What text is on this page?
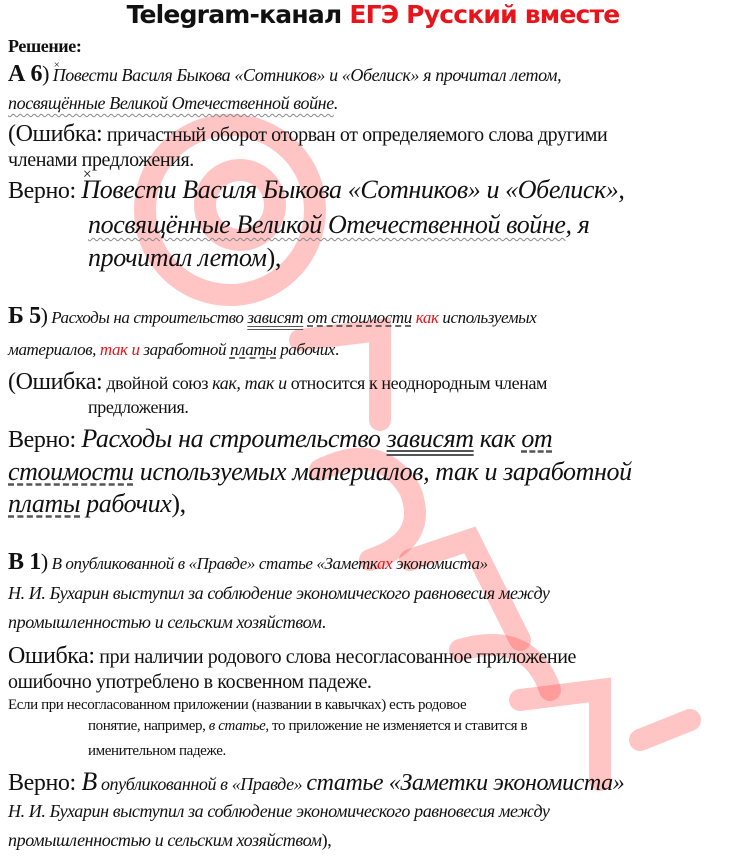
Telegram-канал ЕГЭ Русский вместе
Решение:
А 6) × Повести Василя Быкова «Сотников» и «Обелиск» я прочитал летом,
посвящённые Великой Отечественной войне.
(Ошибка: причастный оборот оторван от определяемого слова другими
членами предложения.
Верно: × Повести Василя Быкова «Сотников» и «Обелиск»,
посвящённые Великой Отечественной войне, я
прочитал летом),
Б 5) Расходы на строительство зависят от стоимости как используемых
материалов, так и заработной платы рабочих.
(Ошибка: двойной союз как, так и относится к неоднородным членам
предложения.
Верно: Расходы на строительство зависят как от
стоимости используемых материалов, так и заработной
платы рабочих),
В 1) В опубликованной в «Правде» статье «Заметках экономиста»
Н. И. Бухарин выступил за соблюдение экономического равновесия между
промышленностью и сельским хозяйством.
Ошибка: при наличии родового слова несогласованное приложение
ошибочно употреблено в косвенном падеже.
Если при несогласованном приложении (названии в кавычках) есть родовое
понятие, например, в статье, то приложение не изменяется и ставится в
именительном падеже.
Верно: В опубликованной в «Правде» статье «Заметки экономиста»
Н. И. Бухарин выступил за соблюдение экономического равновесия между
промышленностью и сельским хозяйством),
